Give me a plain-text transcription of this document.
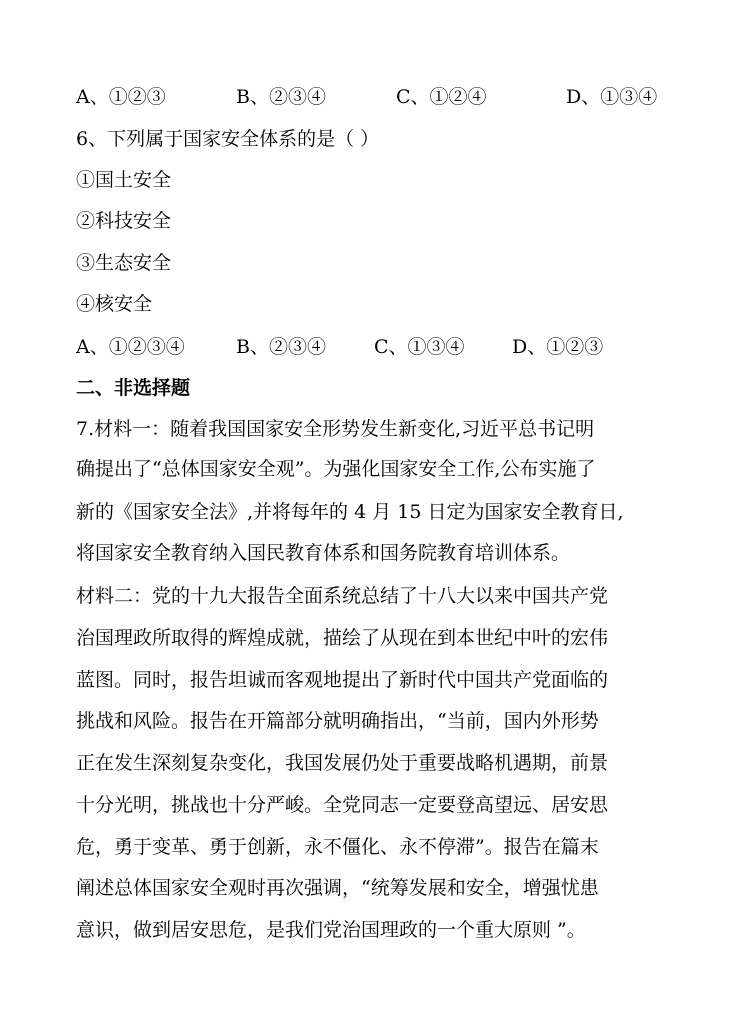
A、①②③	B、②③④	C、①②④	D、①③④
6、下列属于国家安全体系的是（ ）
①国土安全
②科技安全
③生态安全
④核安全
A、①②③④	B、②③④	C、①③④ D、①②③
二、非选择题
7.材料一：随着我国国家安全形势发生新变化,习近平总书记明
确提出了“总体国家安全观”。为强化国家安全工作,公布实施了
新的《国家安全法》,并将每年的 4 月 15 日定为国家安全教育日,
将国家安全教育纳入国民教育体系和国务院教育培训体系。
材料二：党的十九大报告全面系统总结了十八大以来中国共产党
治国理政所取得的辉煌成就，描绘了从现在到本世纪中叶的宏伟
蓝图。同时，报告坦诚而客观地提出了新时代中国共产党面临的
挑战和风险。报告在开篇部分就明确指出，“当前，国内外形势
正在发生深刻复杂变化，我国发展仍处于重要战略机遇期，前景
十分光明，挑战也十分严峻。全党同志一定要登高望远、居安思
危，勇于变革、勇于创新，永不僵化、永不停滞”。报告在篇末
阐述总体国家安全观时再次强调，“统筹发展和安全，增强忧患
意识，做到居安思危，是我们党治国理政的一个重大原则 ”。
